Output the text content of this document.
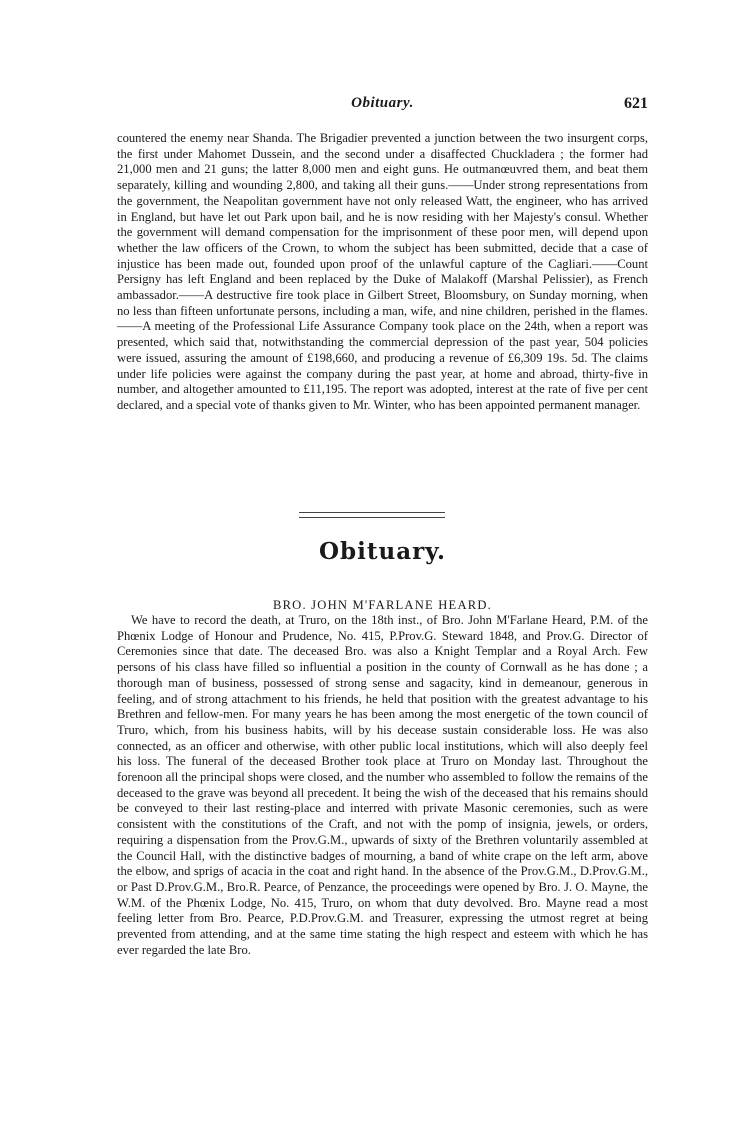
Obituary.	621

countered the enemy near Shanda. The Brigadier prevented a junction between the two insurgent corps, the first under Mahomet Dussein, and the second under a disaffected Chuckladera ; the former had 21,000 men and 21 guns; the latter 8,000 men and eight guns. He outmanœuvred them, and beat them separately, killing and wounding 2,800, and taking all their guns.——Under strong representations from the government, the Neapolitan government have not only released Watt, the engineer, who has arrived in England, but have let out Park upon bail, and he is now residing with her Majesty's consul. Whether the government will demand compensation for the imprisonment of these poor men, will depend upon whether the law officers of the Crown, to whom the subject has been submitted, decide that a case of injustice has been made out, founded upon proof of the unlawful capture of the Cagliari.——Count Persigny has left England and been replaced by the Duke of Malakoff (Marshal Pelissier), as French ambassador.——A destructive fire took place in Gilbert Street, Bloomsbury, on Sunday morning, when no less than fifteen unfortunate persons, including a man, wife, and nine children, perished in the flames.——A meeting of the Professional Life Assurance Company took place on the 24th, when a report was presented, which said that, notwithstanding the commercial depression of the past year, 504 policies were issued, assuring the amount of £198,660, and producing a revenue of £6,309 19s. 5d. The claims under life policies were against the company during the past year, at home and abroad, thirty-five in number, and altogether amounted to £11,195. The report was adopted, interest at the rate of five per cent declared, and a special vote of thanks given to Mr. Winter, who has been appointed permanent manager.

Obituary.
BRO. JOHN M'FARLANE HEARD.

We have to record the death, at Truro, on the 18th inst., of Bro. John M'Farlane Heard, P.M. of the Phœnix Lodge of Honour and Prudence, No. 415, P.Prov.G. Steward 1848, and Prov.G. Director of Ceremonies since that date. The deceased Bro. was also a Knight Templar and a Royal Arch. Few persons of his class have filled so influential a position in the county of Cornwall as he has done ; a thorough man of business, possessed of strong sense and sagacity, kind in demeanour, generous in feeling, and of strong attachment to his friends, he held that position with the greatest advantage to his Brethren and fellow-men. For many years he has been among the most energetic of the town council of Truro, which, from his business habits, will by his decease sustain considerable loss. He was also connected, as an officer and otherwise, with other public local institutions, which will also deeply feel his loss. The funeral of the deceased Brother took place at Truro on Monday last. Throughout the forenoon all the principal shops were closed, and the number who assembled to follow the remains of the deceased to the grave was beyond all precedent. It being the wish of the deceased that his remains should be conveyed to their last resting-place and interred with private Masonic ceremonies, such as were consistent with the constitutions of the Craft, and not with the pomp of insignia, jewels, or orders, requiring a dispensation from the Prov.G.M., upwards of sixty of the Brethren voluntarily assembled at the Council Hall, with the distinctive badges of mourning, a band of white crape on the left arm, above the elbow, and sprigs of acacia in the coat and right hand. In the absence of the Prov.G.M., D.Prov.G.M., or Past D.Prov.G.M., Bro.R. Pearce, of Penzance, the proceedings were opened by Bro. J. O. Mayne, the W.M. of the Phœnix Lodge, No. 415, Truro, on whom that duty devolved. Bro. Mayne read a most feeling letter from Bro. Pearce, P.D.Prov.G.M. and Treasurer, expressing the utmost regret at being prevented from attending, and at the same time stating the high respect and esteem with which he has ever regarded the late Bro.
